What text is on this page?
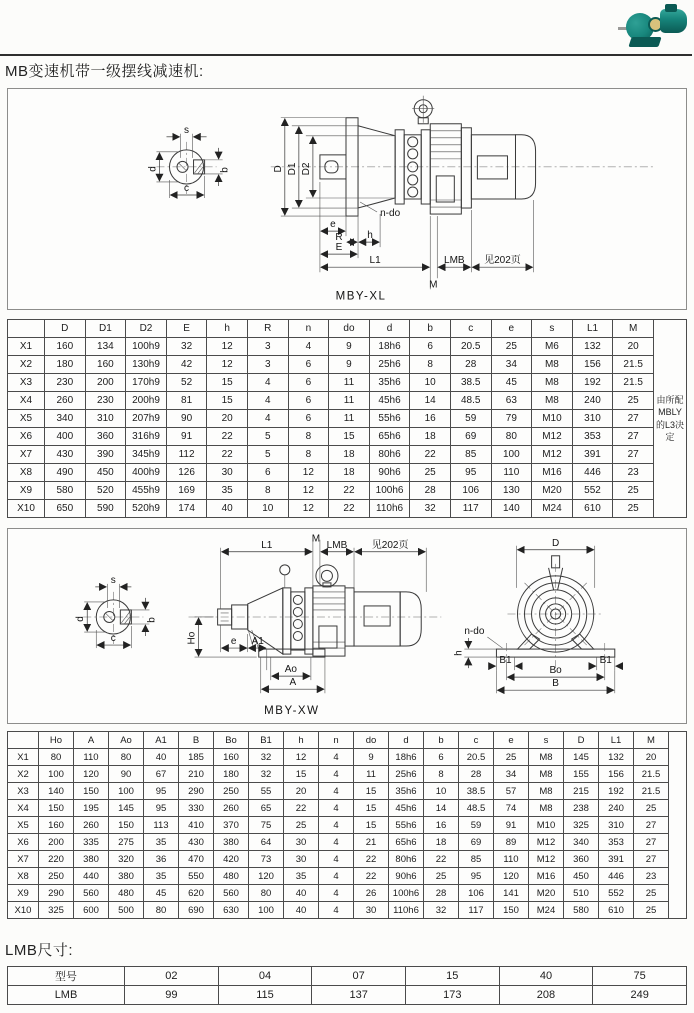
MB变速机带一级摆线减速机:
s
b
d
c
D D1 D2
n-do
e
R h
E
L1	LMB 见202页
M
MBY-XL
	D	D1	D2	E	h	R	n	do	d	b	c	e	s	L1	M	由所配MBLY的L3决定
X1	160	134	100h9	32	12	3	4	9	18h6	6	20.5	25	M6	132	20	
X2	180	160	130h9	42	12	3	6	9	25h6	8	28	34	M8	156	21.5	
X3	230	200	170h9	52	15	4	6	11	35h6	10	38.5	45	M8	192	21.5	
X4	260	230	200h9	81	15	4	6	11	45h6	14	48.5	63	M8	240	25	
X5	340	310	207h9	90	20	4	6	11	55h6	16	59	79	M10	310	27	
X6	400	360	316h9	91	22	5	8	15	65h6	18	69	80	M12	353	27	
X7	430	390	345h9	112	22	5	8	18	80h6	22	85	100	M12	391	27	
X8	490	450	400h9	126	30	6	12	18	90h6	25	95	110	M16	446	23	
X9	580	520	455h9	169	35	8	12	22	100h6	28	106	130	M20	552	25	
X10	650	590	520h9	174	40	10	12	22	110h6	32	117	140	M24	610	25	
s
b
d
c
L1
M
LMB 见202页
Ho	e A1
Ao
A
MBY-XW
D
n-do
h
B1	B1
Bo
B
	Ho	A	Ao	A1	B	Bo	B1	h	n	do	d	b	c	e	s	D	L1	M	
X1	80	110	80	40	185	160	32	12	4	9	18h6	6	20.5	25	M8	145	132	20	
X2	100	120	90	67	210	180	32	15	4	11	25h6	8	28	34	M8	155	156	21.5	
X3	140	150	100	95	290	250	55	20	4	15	35h6	10	38.5	57	M8	215	192	21.5	
X4	150	195	145	95	330	260	65	22	4	15	45h6	14	48.5	74	M8	238	240	25	
X5	160	260	150	113	410	370	75	25	4	15	55h6	16	59	91	M10	325	310	27	
X6	200	335	275	35	430	380	64	30	4	21	65h6	18	69	89	M12	340	353	27	
X7	220	380	320	36	470	420	73	30	4	22	80h6	22	85	110	M12	360	391	27	
X8	250	440	380	35	550	480	120	35	4	22	90h6	25	95	120	M16	450	446	23	
X9	290	560	480	45	620	560	80	40	4	26	100h6	28	106	141	M20	510	552	25	
X10	325	600	500	80	690	630	100	40	4	30	110h6	32	117	150	M24	580	610	25	
LMB尺寸:
型号	02	04	07	15	40	75
LMB	99	115	137	173	208	249
